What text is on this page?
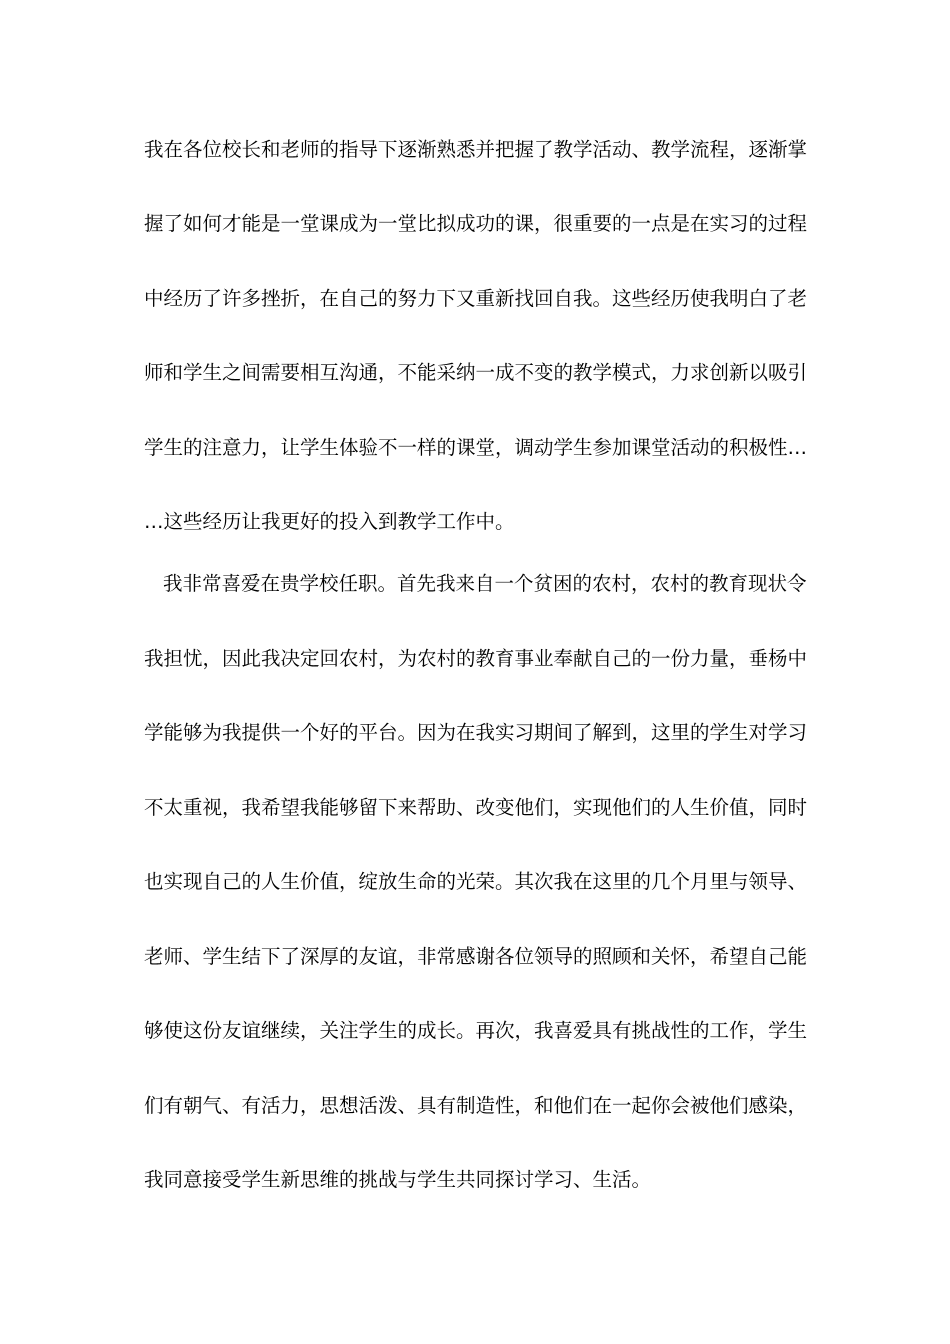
我在各位校长和老师的指导下逐渐熟悉并把握了教学活动、教学流程，逐渐掌
握了如何才能是一堂课成为一堂比拟成功的课，很重要的一点是在实习的过程
中经历了许多挫折，在自己的努力下又重新找回自我。这些经历使我明白了老
师和学生之间需要相互沟通，不能采纳一成不变的教学模式，力求创新以吸引
学生的注意力，让学生体验不一样的课堂，调动学生参加课堂活动的积极性…
…这些经历让我更好的投入到教学工作中。
我非常喜爱在贵学校任职。首先我来自一个贫困的农村，农村的教育现状令
我担忧，因此我决定回农村，为农村的教育事业奉献自己的一份力量，垂杨中
学能够为我提供一个好的平台。因为在我实习期间了解到，这里的学生对学习
不太重视，我希望我能够留下来帮助、改变他们，实现他们的人生价值，同时
也实现自己的人生价值，绽放生命的光荣。其次我在这里的几个月里与领导、
老师、学生结下了深厚的友谊，非常感谢各位领导的照顾和关怀，希望自己能
够使这份友谊继续，关注学生的成长。再次，我喜爱具有挑战性的工作，学生
们有朝气、有活力，思想活泼、具有制造性，和他们在一起你会被他们感染，
我同意接受学生新思维的挑战与学生共同探讨学习、生活。
